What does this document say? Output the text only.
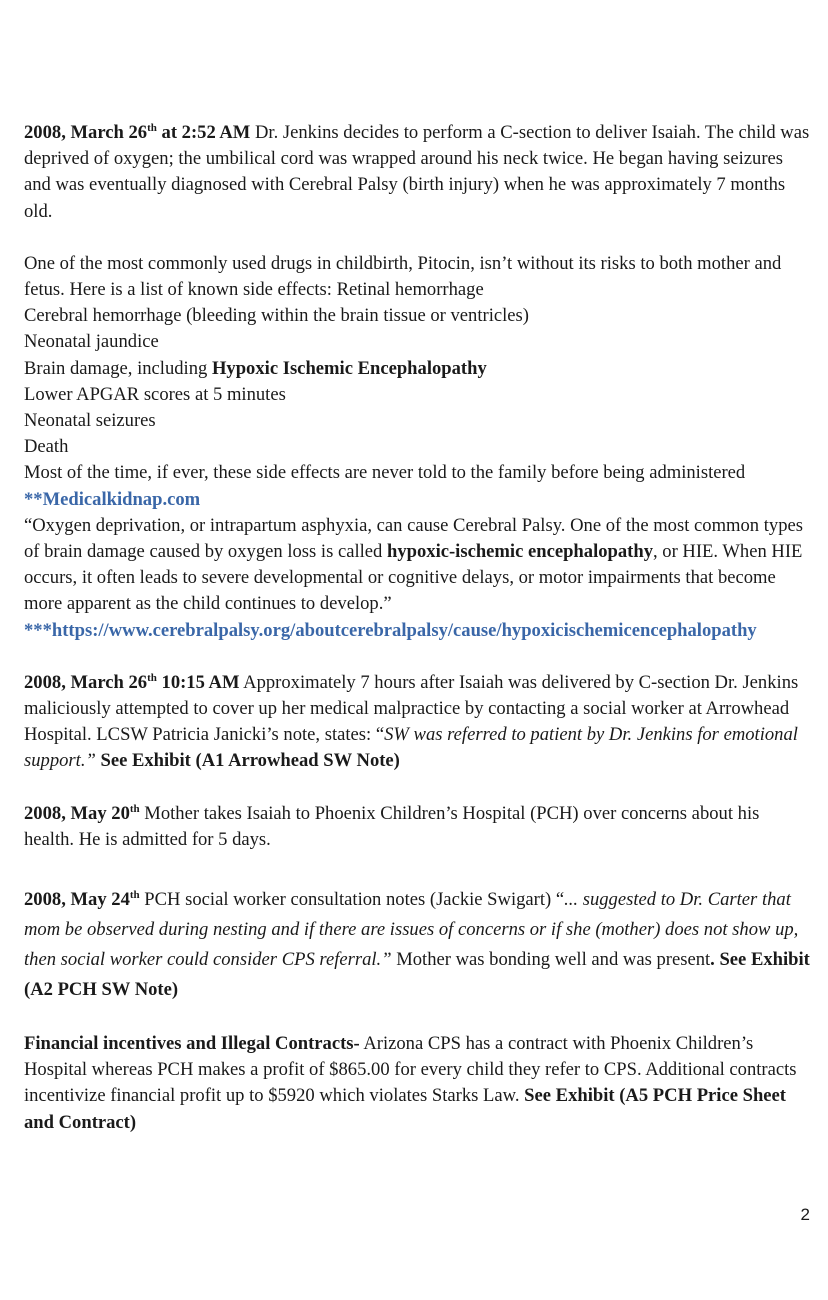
2008, March 26th at 2:52 AM Dr. Jenkins decides to perform a C-section to deliver Isaiah. The child was deprived of oxygen; the umbilical cord was wrapped around his neck twice. He began having seizures and was eventually diagnosed with Cerebral Palsy (birth injury) when he was approximately 7 months old.

One of the most commonly used drugs in childbirth, Pitocin, isn’t without its risks to both mother and fetus. Here is a list of known side effects: Retinal hemorrhage

Cerebral hemorrhage (bleeding within the brain tissue or ventricles)

Neonatal jaundice

Brain damage, including Hypoxic Ischemic Encephalopathy

Lower APGAR scores at 5 minutes

Neonatal seizures

Death

Most of the time, if ever, these side effects are never told to the family before being administered

**Medicalkidnap.com

“Oxygen deprivation, or intrapartum asphyxia, can cause Cerebral Palsy. One of the most common types of brain damage caused by oxygen loss is called hypoxic-ischemic encephalopathy, or HIE. When HIE occurs, it often leads to severe developmental or cognitive delays, or motor impairments that become more apparent as the child continues to develop.”

***https://www.cerebralpalsy.org/aboutcerebralpalsy/cause/hypoxicischemicencephalopathy

2008, March 26th 10:15 AM Approximately 7 hours after Isaiah was delivered by C-section Dr. Jenkins maliciously attempted to cover up her medical malpractice by contacting a social worker at Arrowhead Hospital. LCSW Patricia Janicki’s note, states: “SW was referred to patient by Dr. Jenkins for emotional support.” See Exhibit (A1 Arrowhead SW Note)

2008, May 20th Mother takes Isaiah to Phoenix Children’s Hospital (PCH) over concerns about his health. He is admitted for 5 days.

2008, May 24th PCH social worker consultation notes (Jackie Swigart) “... suggested to Dr. Carter that mom be observed during nesting and if there are issues of concerns or if she (mother) does not show up, then social worker could consider CPS referral.” Mother was bonding well and was present. See Exhibit (A2 PCH SW Note)

Financial incentives and Illegal Contracts- Arizona CPS has a contract with Phoenix Children’s Hospital whereas PCH makes a profit of $865.00 for every child they refer to CPS. Additional contracts incentivize financial profit up to $5920 which violates Starks Law. See Exhibit (A5 PCH Price Sheet and Contract)

2
